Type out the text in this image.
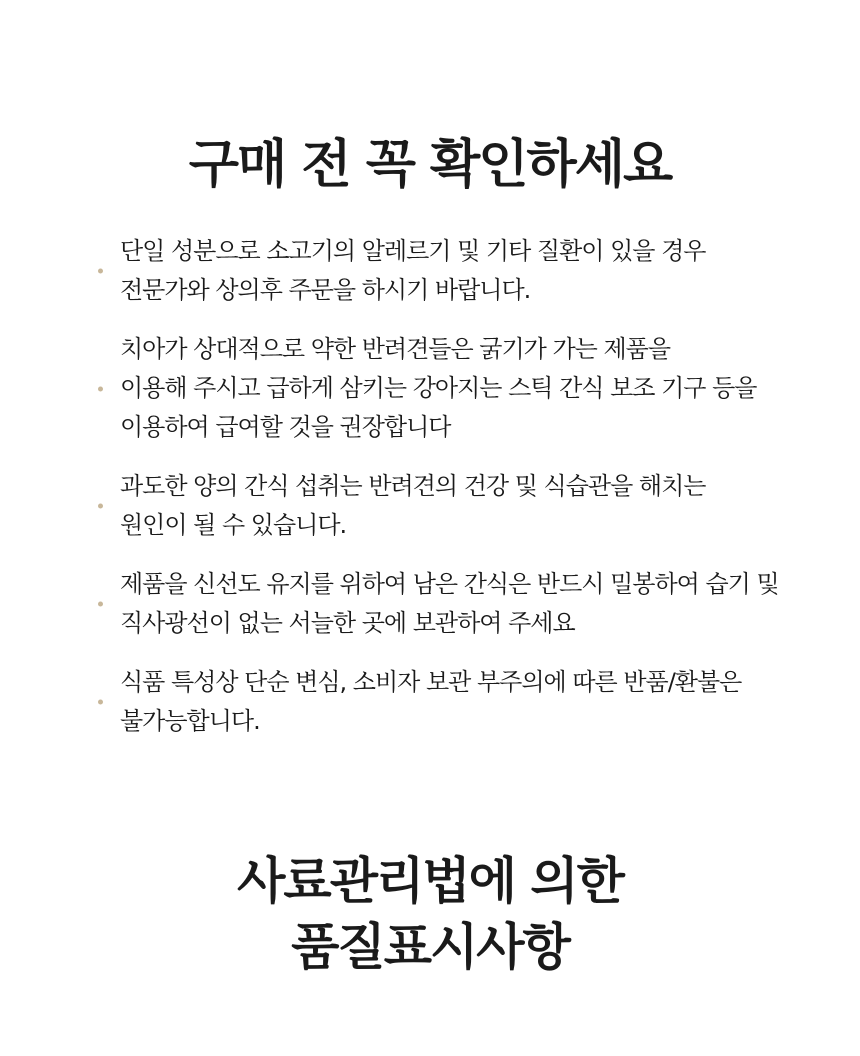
구매 전 꼭 확인하세요
단일 성분으로 소고기의 알레르기 및 기타 질환이 있을 경우
전문가와 상의후 주문을 하시기 바랍니다.
치아가 상대적으로 약한 반려견들은 굵기가 가는 제품을
이용해 주시고 급하게 삼키는 강아지는 스틱 간식 보조 기구 등을
이용하여 급여할 것을 권장합니다
과도한 양의 간식 섭취는 반려견의 건강 및 식습관을 해치는
원인이 될 수 있습니다.
제품을 신선도 유지를 위하여 남은 간식은 반드시 밀봉하여 습기 및
직사광선이 없는 서늘한 곳에 보관하여 주세요
식품 특성상 단순 변심, 소비자 보관 부주의에 따른 반품/환불은
불가능합니다.
사료관리법에 의한
품질표시사항
